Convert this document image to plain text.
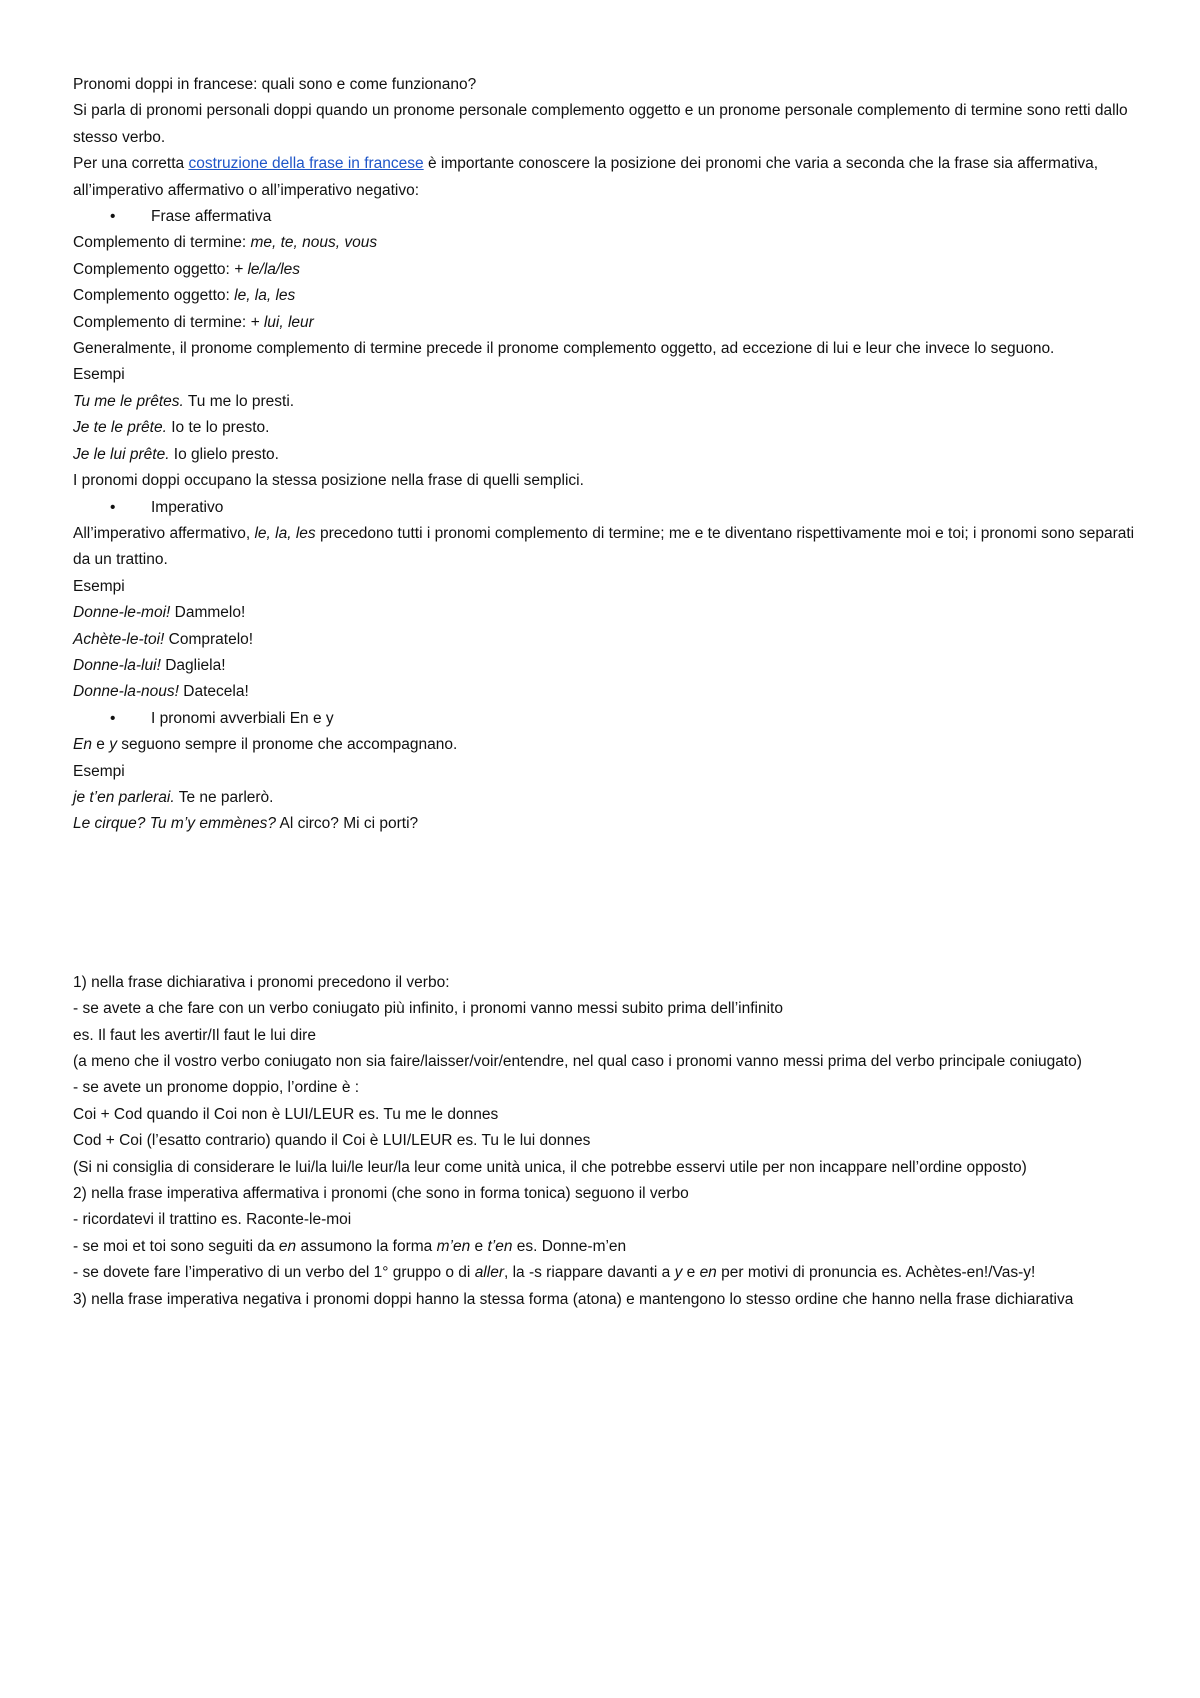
Pronomi doppi in francese: quali sono e come funzionano?
Si parla di pronomi personali doppi quando un pronome personale complemento oggetto e un pronome personale complemento di termine sono retti dallo stesso verbo.
Per una corretta costruzione della frase in francese è importante conoscere la posizione dei pronomi che varia a seconda che la frase sia affermativa, all’imperativo affermativo o all’imperativo negativo:
• Frase affermativa
Complemento di termine: me, te, nous, vous
Complemento oggetto: + le/la/les
Complemento oggetto: le, la, les
Complemento di termine: + lui, leur
Generalmente, il pronome complemento di termine precede il pronome complemento oggetto, ad eccezione di lui e leur che invece lo seguono.
Esempi
Tu me le prêtes. Tu me lo presti.
Je te le prête. Io te lo presto.
Je le lui prête. Io glielo presto.
I pronomi doppi occupano la stessa posizione nella frase di quelli semplici.
• Imperativo
All’imperativo affermativo, le, la, les precedono tutti i pronomi complemento di termine; me e te diventano rispettivamente moi e toi; i pronomi sono separati da un trattino.
Esempi
Donne-le-moi! Dammelo!
Achète-le-toi! Compratelo!
Donne-la-lui! Dagliela!
Donne-la-nous! Datecela!
• I pronomi avverbiali En e y
En e y seguono sempre il pronome che accompagnano.
Esempi
je t’en parlerai. Te ne parlerò.
Le cirque? Tu m’y emmènes? Al circo? Mi ci porti?
1) nella frase dichiarativa i pronomi precedono il verbo:
- se avete a che fare con un verbo coniugato più infinito, i pronomi vanno messi subito prima dell’infinito
es. Il faut les avertir/Il faut le lui dire
(a meno che il vostro verbo coniugato non sia faire/laisser/voir/entendre, nel qual caso i pronomi vanno messi prima del verbo principale coniugato)
- se avete un pronome doppio, l’ordine è :
Coi + Cod quando il Coi non è LUI/LEUR es. Tu me le donnes
Cod + Coi (l’esatto contrario) quando il Coi è LUI/LEUR es. Tu le lui donnes
(Si ni consiglia di considerare le lui/la lui/le leur/la leur come unità unica, il che potrebbe esservi utile per non incappare nell’ordine opposto)
2) nella frase imperativa affermativa i pronomi (che sono in forma tonica) seguono il verbo
- ricordatevi il trattino es. Raconte-le-moi
- se moi et toi sono seguiti da en assumono la forma m’en e t’en es. Donne-m’en
- se dovete fare l’imperativo di un verbo del 1° gruppo o di aller, la -s riappare davanti a y e en per motivi di pronuncia es. Achètes-en!/Vas-y!
3) nella frase imperativa negativa i pronomi doppi hanno la stessa forma (atona) e mantengono lo stesso ordine che hanno nella frase dichiarativa
